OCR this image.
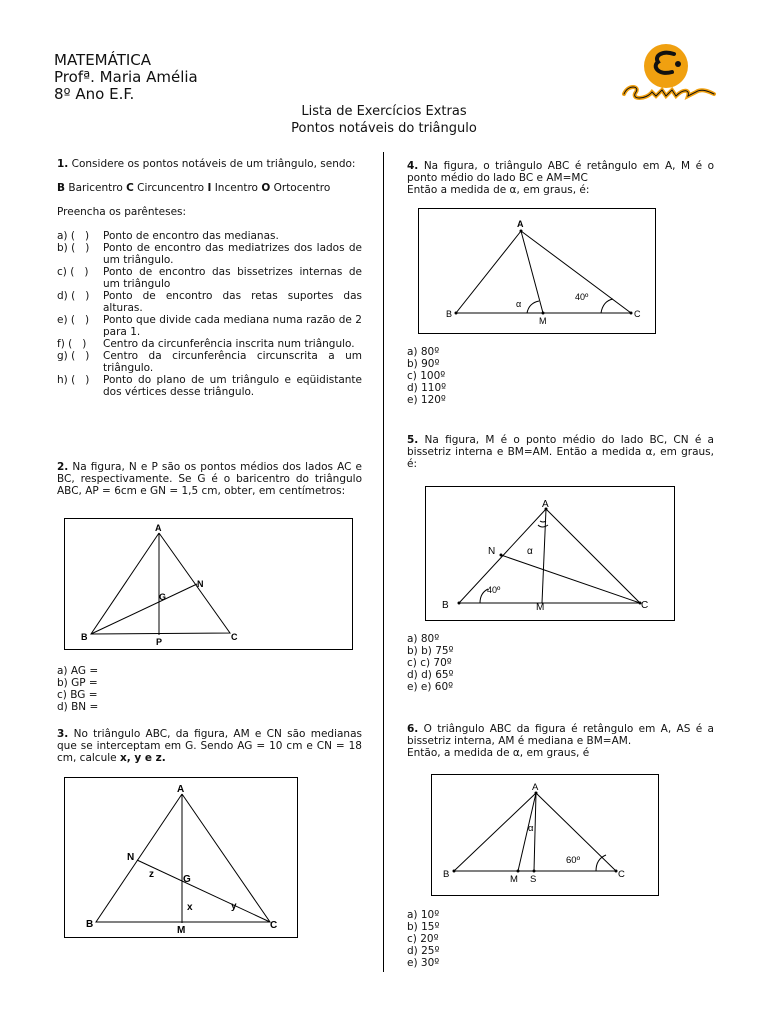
MATEMÁTICA
Profª. Maria Amélia
8º Ano E.F.
Lista de Exercícios Extras
Pontos notáveis do triângulo

1. Considere os pontos notáveis de um triângulo, sendo:

B Baricentro C Circuncentro I Incentro O Ortocentro

Preencha os parênteses:

a) (   )	Ponto de encontro das medianas.
b) (   )	Ponto de encontro das mediatrizes dos lados de um triângulo.
c) (   )	Ponto de encontro das bissetrizes internas de um triângulo
d) (   )	Ponto de encontro das retas suportes das alturas.
e) (   )	Ponto que divide cada mediana numa razão de 2 para 1.
f) (   )	Centro da circunferência inscrita num triângulo.
g) (   )	Centro da circunferência circunscrita a um triângulo.
h) (   )	Ponto do plano de um triângulo e eqüidistante dos vértices desse triângulo.

2. Na figura, N e P são os pontos médios dos lados AC e BC, respectivamente. Se G é o baricentro do triângulo ABC, AP = 6cm e GN = 1,5 cm, obter, em centímetros:

A
B	C
N
G
P

a) AG =

b) GP =

c) BG =

d) BN =

3. No triângulo ABC, da figura, AM e CN são medianas que se interceptam em G. Sendo AG = 10 cm e CN = 18 cm, calcule x, y e z.

A
B	C
M
N
G
x	y
z

4. Na figura, o triângulo ABC é retângulo em A, M é o ponto médio do lado BC e AM=MC

Então a medida de α, em graus, é:

A
B	C
M
α
40º

a) 80º

b) 90º

c) 100º

d) 110º

e) 120º

5. Na figura, M é o ponto médio do lado BC, CN é a bissetriz interna e BM=AM. Então a medida α, em graus, é:

A
B	C
M
N	α
40º

a) 80º

b) b) 75º

c) c) 70º

d) d) 65º

e) e) 60º

6. O triângulo ABC da figura é retângulo em A, AS é a bissetriz interna, AM é mediana e BM=AM.

Então, a medida de α, em graus, é

A
B	C
M S
α
60º

a) 10º

b) 15º

c) 20º

d) 25º

e) 30º
